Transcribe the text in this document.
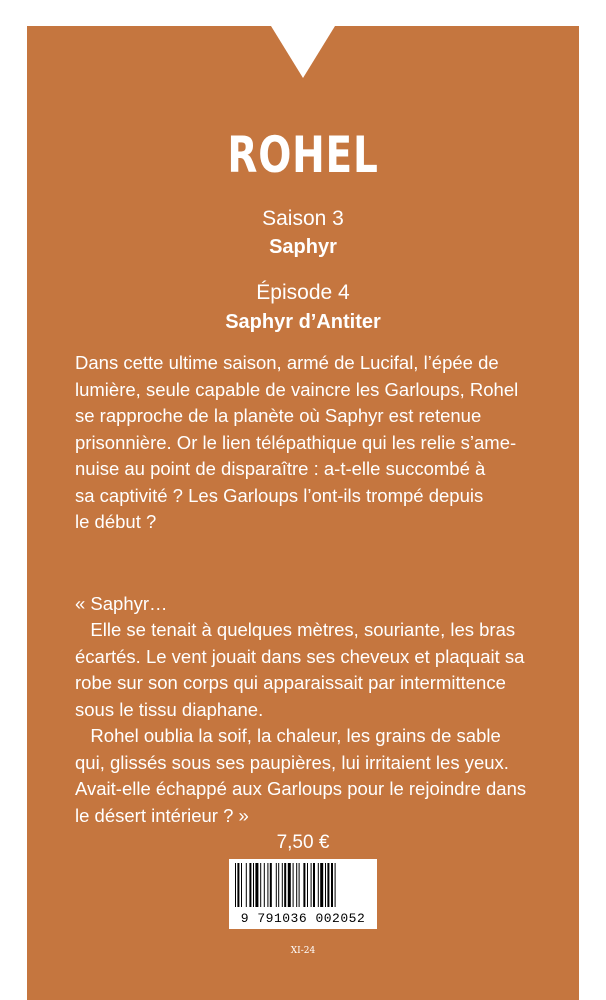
ROHEL
Saison 3
Saphyr
Épisode 4
Saphyr d’Antiter

Dans cette ultime saison, armé de Lucifal, l’épée de
lumière, seule capable de vaincre les Garloups, Rohel
se rapproche de la planète où Saphyr est retenue
prisonnière. Or le lien télépathique qui les relie s’ame-
nuise au point de disparaître : a-t-elle succombé à
sa captivité ? Les Garloups l’ont-ils trompé depuis
le début ?

« Saphyr…
Elle se tenait à quelques mètres, souriante, les bras
écartés. Le vent jouait dans ses cheveux et plaquait sa
robe sur son corps qui apparaissait par intermittence
sous le tissu diaphane.
Rohel oublia la soif, la chaleur, les grains de sable
qui, glissés sous ses paupières, lui irritaient les yeux.
Avait-elle échappé aux Garloups pour le rejoindre dans
le désert intérieur ? »

7,50 €
9 791036 002052
XI-24
